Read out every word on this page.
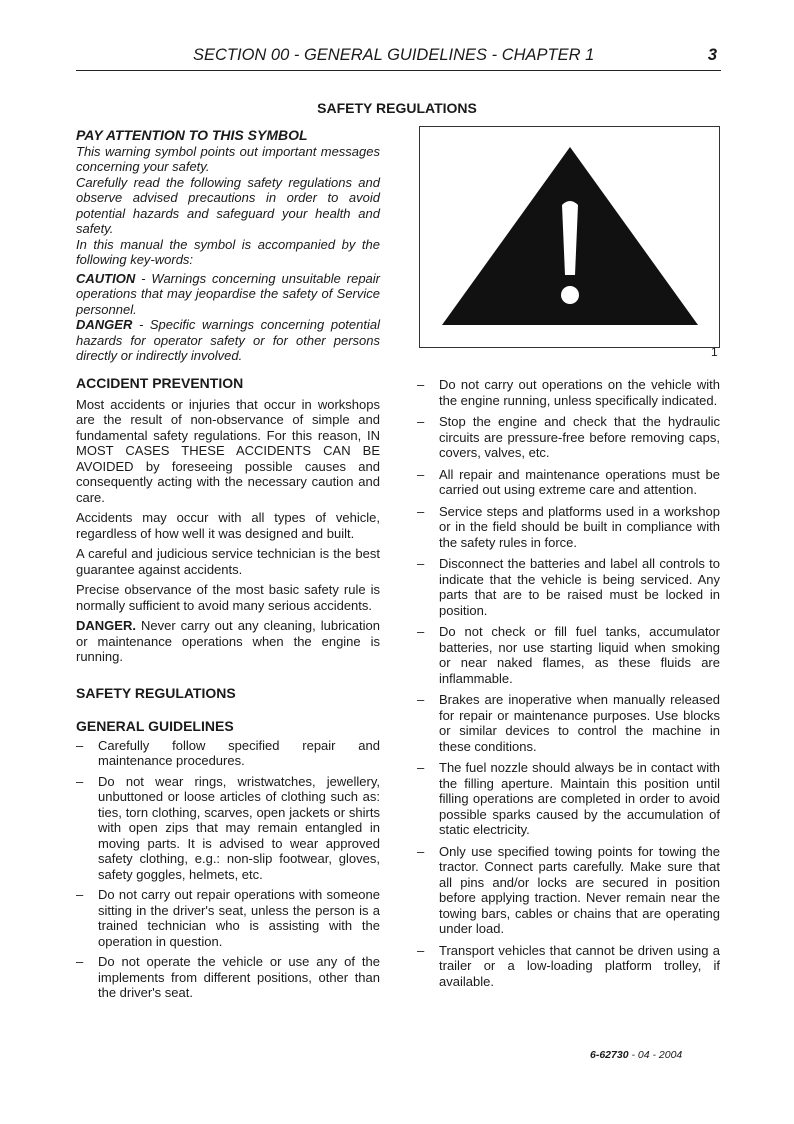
SECTION 00 - GENERAL GUIDELINES - CHAPTER 1	3
SAFETY REGULATIONS

PAY ATTENTION TO THIS SYMBOL

This warning symbol points out important messages concerning your safety.

Carefully read the following safety regulations and observe advised precautions in order to avoid potential hazards and safeguard your health and safety.

In this manual the symbol is accompanied by the following key-words:

CAUTION - Warnings concerning unsuitable repair operations that may jeopardise the safety of Service personnel.

DANGER - Specific warnings concerning potential hazards for operator safety or for other persons directly or indirectly involved.	1

ACCIDENT PREVENTION

Most accidents or injuries that occur in workshops are the result of non-observance of simple and fundamental safety regulations. For this reason, IN MOST CASES THESE ACCIDENTS CAN BE AVOIDED by foreseeing possible causes and consequently acting with the necessary caution and care.

Accidents may occur with all types of vehicle, regardless of how well it was designed and built.

A careful and judicious service technician is the best guarantee against accidents.

Precise observance of the most basic safety rule is normally sufficient to avoid many serious accidents.

DANGER. Never carry out any cleaning, lubrication or maintenance operations when the engine is running.

SAFETY REGULATIONS

GENERAL GUIDELINES

– Carefully follow specified repair and maintenance procedures.
– Do not wear rings, wristwatches, jewellery, unbuttoned or loose articles of clothing such as: ties, torn clothing, scarves, open jackets or shirts with open zips that may remain entangled in moving parts. It is advised to wear approved safety clothing, e.g.: non-slip footwear, gloves, safety goggles, helmets, etc.
– Do not carry out repair operations with someone sitting in the driver's seat, unless the person is a trained technician who is assisting with the operation in question.
– Do not operate the vehicle or use any of the implements from different positions, other than the driver's seat.
– Do not carry out operations on the vehicle with the engine running, unless specifically indicated.
– Stop the engine and check that the hydraulic circuits are pressure-free before removing caps, covers, valves, etc.
– All repair and maintenance operations must be carried out using extreme care and attention.
– Service steps and platforms used in a workshop or in the field should be built in compliance with the safety rules in force.
– Disconnect the batteries and label all controls to indicate that the vehicle is being serviced. Any parts that are to be raised must be locked in position.
– Do not check or fill fuel tanks, accumulator batteries, nor use starting liquid when smoking or near naked flames, as these fluids are inflammable.
– Brakes are inoperative when manually released for repair or maintenance purposes. Use blocks or similar devices to control the machine in these conditions.
– The fuel nozzle should always be in contact with the filling aperture. Maintain this position until filling operations are completed in order to avoid possible sparks caused by the accumulation of static electricity.
– Only use specified towing points for towing the tractor. Connect parts carefully. Make sure that all pins and/or locks are secured in position before applying traction. Never remain near the towing bars, cables or chains that are operating under load.
– Transport vehicles that cannot be driven using a trailer or a low-loading platform trolley, if available.
6-62730 - 04 - 2004
